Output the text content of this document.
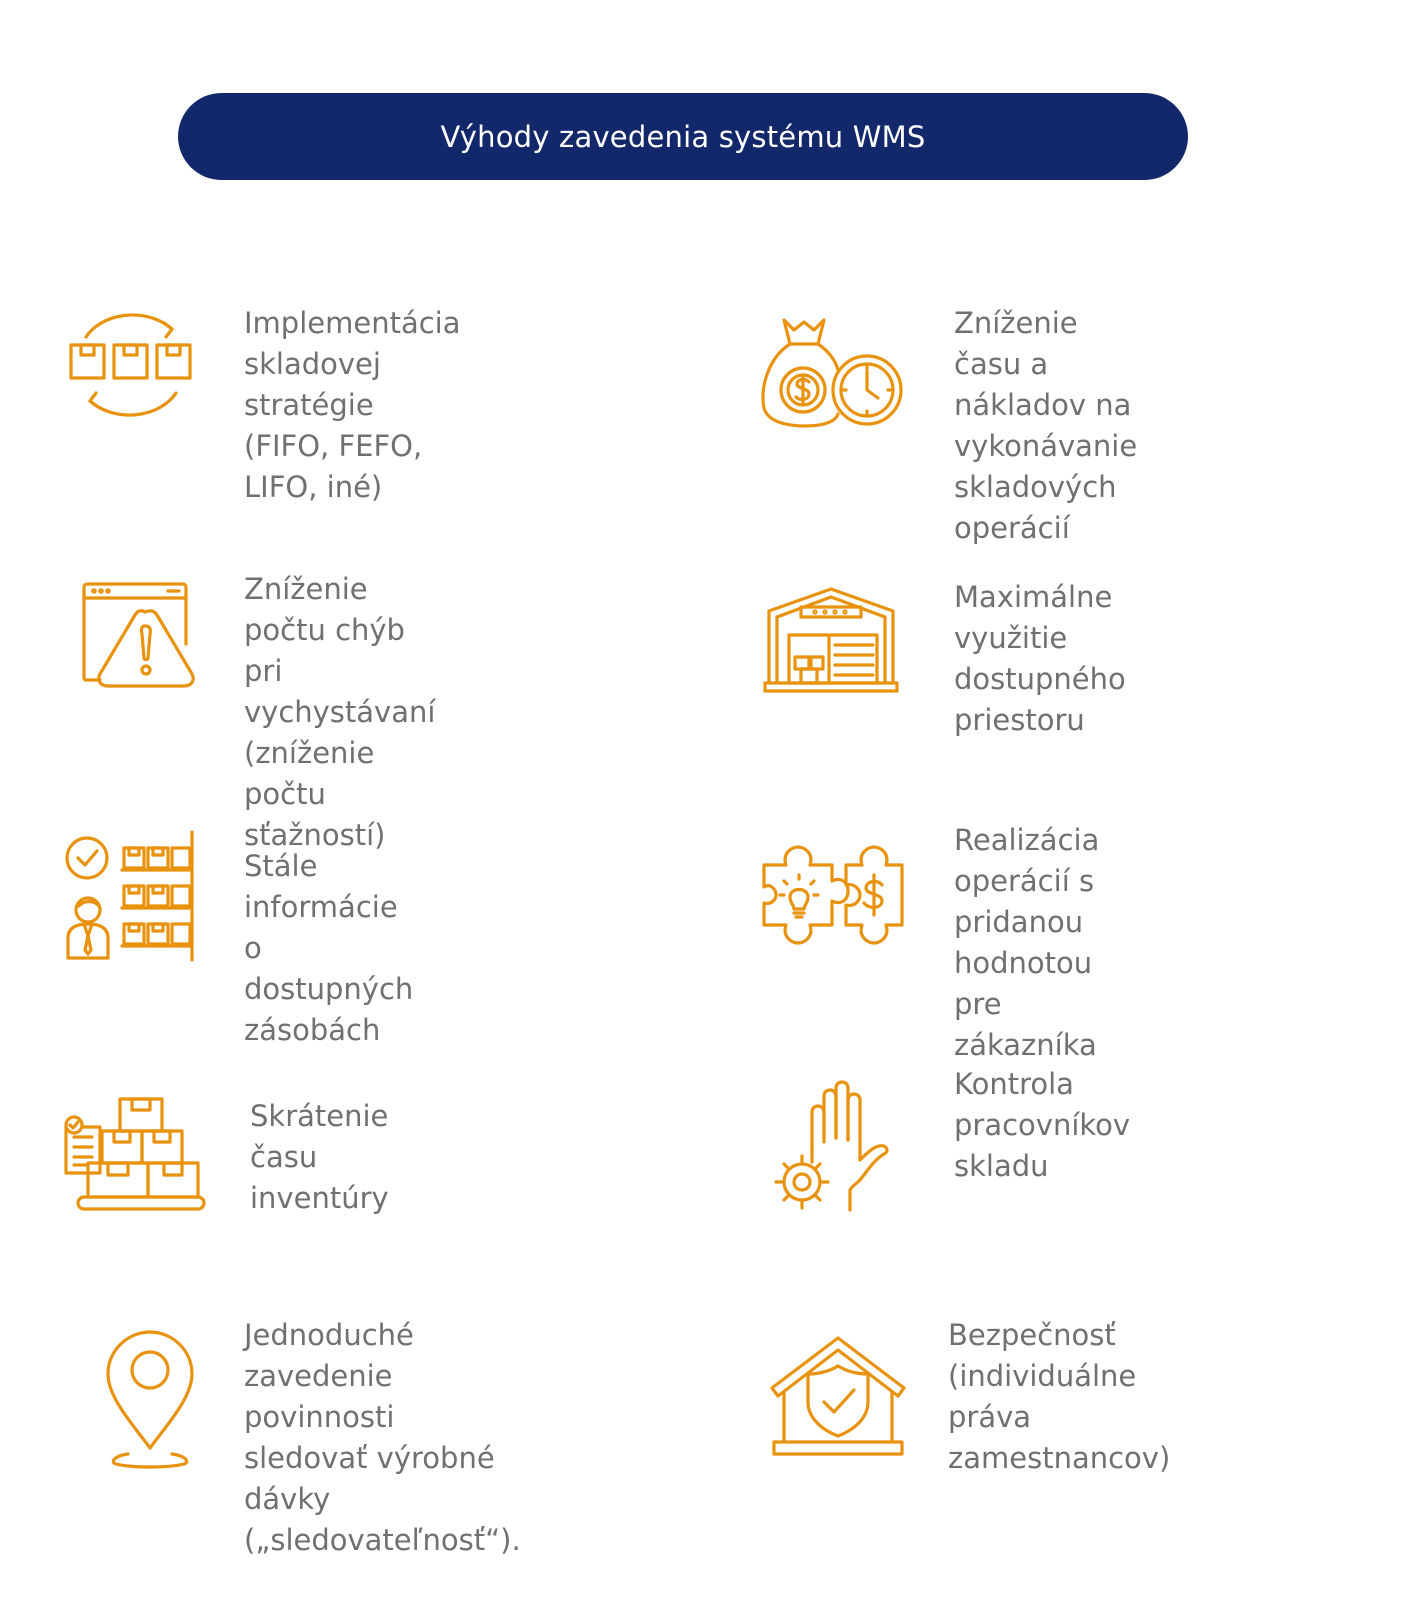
Výhody zavedenia systému WMS

Implementácia skladovej
stratégie (FIFO, FEFO,
LIFO, iné)

Zníženie času a
nákladov na
vykonávanie skladových
operácií

Zníženie počtu chýb
pri vychystávaní
(zníženie počtu
sťažností)

Maximálne využitie
dostupného
priestoru

Stále informácie o
dostupných zásobách

Realizácia operácií s
pridanou hodnotou pre
zákazníka

Skrátenie času
inventúry

Kontrola pracovníkov
skladu

Jednoduché zavedenie
povinnosti sledovať výrobné
dávky („sledovateľnosť“).

Bezpečnosť
(individuálne práva
zamestnancov)
